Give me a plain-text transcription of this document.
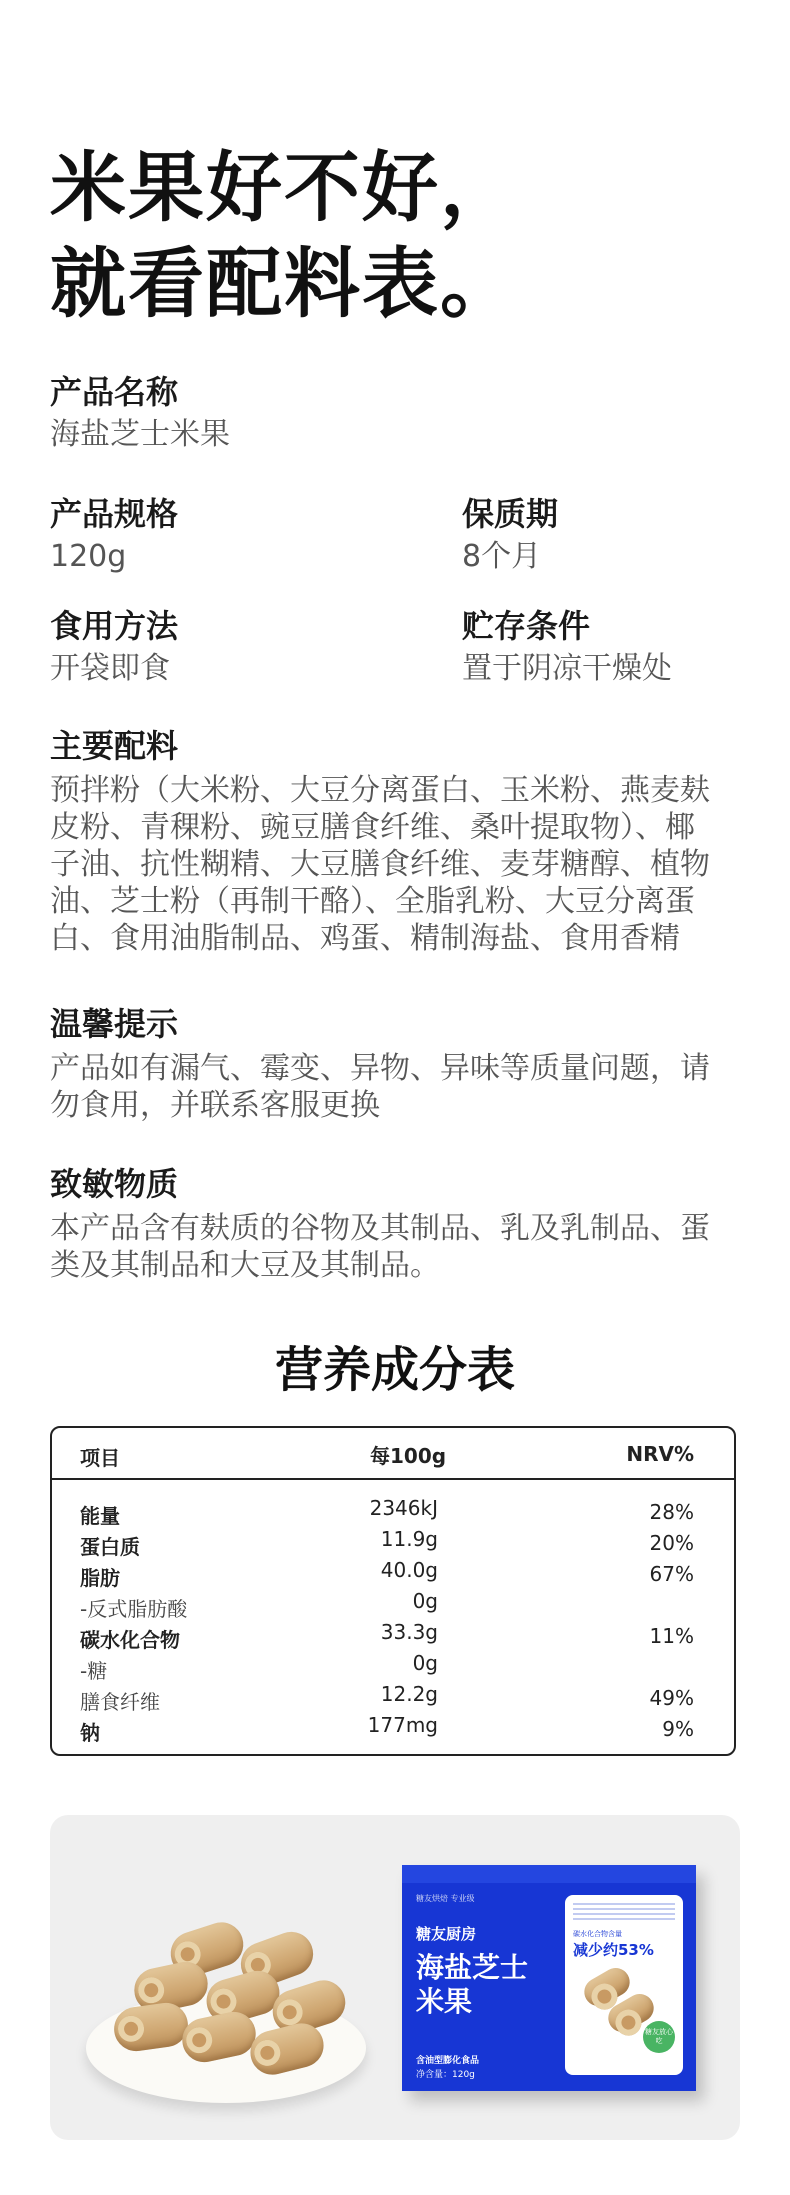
米果好不好，
就看配料表。
产品名称
海盐芝士米果
产品规格
120g
保质期
8个月
食用方法
开袋即食
贮存条件
置于阴凉干燥处
主要配料
预拌粉（大米粉、大豆分离蛋白、玉米粉、燕麦麸
皮粉、青稞粉、豌豆膳食纤维、桑叶提取物）、椰
子油、抗性糊精、大豆膳食纤维、麦芽糖醇、植物
油、芝士粉（再制干酪）、全脂乳粉、大豆分离蛋
白、食用油脂制品、鸡蛋、精制海盐、食用香精
温馨提示
产品如有漏气、霉变、异物、异味等质量问题，请
勿食用，并联系客服更换
致敏物质
本产品含有麸质的谷物及其制品、乳及乳制品、蛋
类及其制品和大豆及其制品。
营养成分表
项目	每100g	NRV%
能量	2346kJ	28%
蛋白质	11.9g	20%
脂肪	40.0g	67%
-反式脂肪酸	0g
碳水化合物	33.3g	11%
-糖	0g
膳食纤维	12.2g	49%
钠	177mg	9%
糖友烘焙 专业级
糖友厨房
海盐芝士
米果
含油型膨化食品
净含量：120g
碳水化合物含量
减少约53%
糖友放心吃
